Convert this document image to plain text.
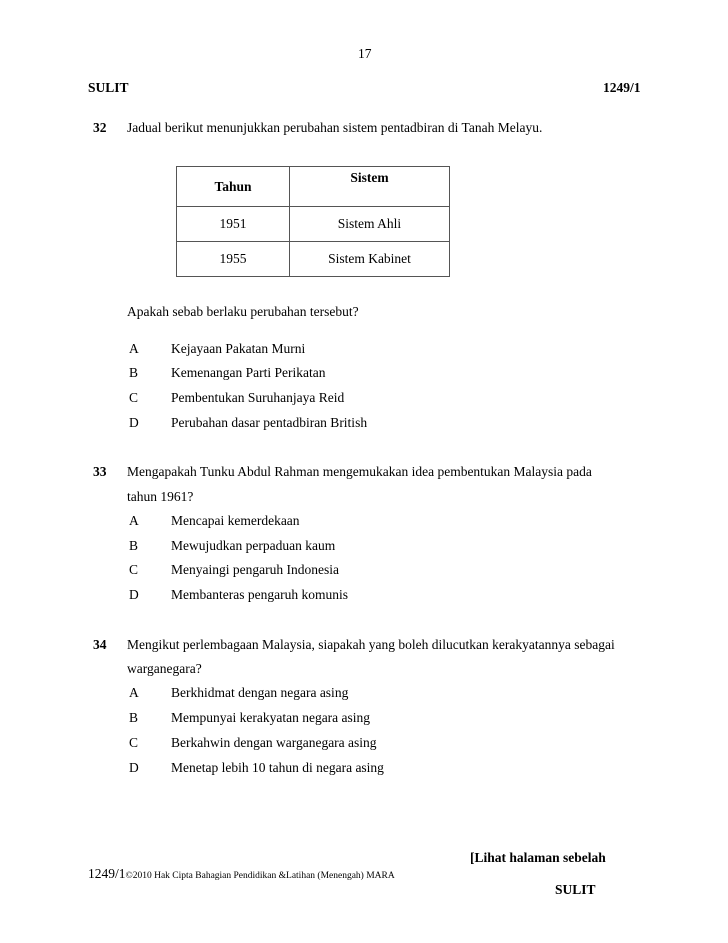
17
SULIT	1249/1
32 Jadual berikut menunjukkan perubahan sistem pentadbiran di Tanah Melayu.
Tahun	Sistem
1951	Sistem Ahli
1955	Sistem Kabinet
Apakah sebab berlaku perubahan tersebut?
A Kejayaan Pakatan Murni
B Kemenangan Parti Perikatan
C Pembentukan Suruhanjaya Reid
D Perubahan dasar pentadbiran British
33 Mengapakah Tunku Abdul Rahman mengemukakan idea pembentukan Malaysia pada
tahun 1961?
A Mencapai kemerdekaan
B Mewujudkan perpaduan kaum
C Menyaingi pengaruh Indonesia
D Membanteras pengaruh komunis
34 Mengikut perlembagaan Malaysia, siapakah yang boleh dilucutkan kerakyatannya sebagai
warganegara?
A Berkhidmat dengan negara asing
B Mempunyai kerakyatan negara asing
C Berkahwin dengan warganegara asing
D Menetap lebih 10 tahun di negara asing
[Lihat halaman sebelah
1249/1©2010 Hak Cipta Bahagian Pendidikan &Latihan (Menengah) MARA
SULIT
